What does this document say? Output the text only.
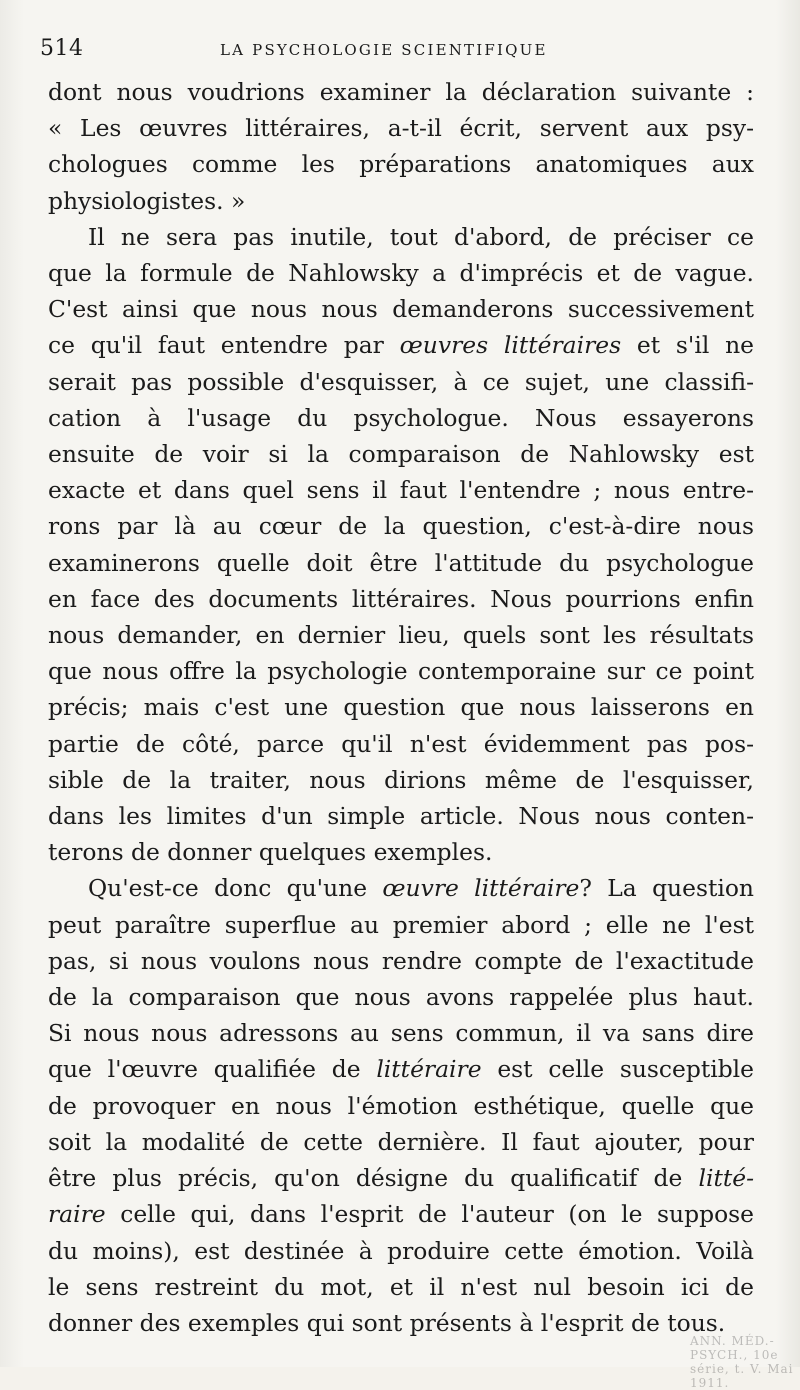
514	LA PSYCHOLOGIE SCIENTIFIQUE

dont nous voudrions examiner la déclaration suivante :
« Les œuvres littéraires, a-t-il écrit, servent aux psy-
chologues comme les préparations anatomiques aux
physiologistes. »

Il ne sera pas inutile, tout d'abord, de préciser ce
que la formule de Nahlowsky a d'imprécis et de vague.
C'est ainsi que nous nous demanderons successivement
ce qu'il faut entendre par œuvres littéraires et s'il ne
serait pas possible d'esquisser, à ce sujet, une classifi-
cation à l'usage du psychologue. Nous essayerons
ensuite de voir si la comparaison de Nahlowsky est
exacte et dans quel sens il faut l'entendre ; nous entre-
rons par là au cœur de la question, c'est-à-dire nous
examinerons quelle doit être l'attitude du psychologue
en face des documents littéraires. Nous pourrions enfin
nous demander, en dernier lieu, quels sont les résultats
que nous offre la psychologie contemporaine sur ce point
précis; mais c'est une question que nous laisserons en
partie de côté, parce qu'il n'est évidemment pas pos-
sible de la traiter, nous dirions même de l'esquisser,
dans les limites d'un simple article. Nous nous conten-
terons de donner quelques exemples.

Qu'est-ce donc qu'une œuvre littéraire? La question
peut paraître superflue au premier abord ; elle ne l'est
pas, si nous voulons nous rendre compte de l'exactitude
de la comparaison que nous avons rappelée plus haut.
Si nous nous adressons au sens commun, il va sans dire
que l'œuvre qualifiée de littéraire est celle susceptible
de provoquer en nous l'émotion esthétique, quelle que
soit la modalité de cette dernière. Il faut ajouter, pour
être plus précis, qu'on désigne du qualificatif de litté-
raire celle qui, dans l'esprit de l'auteur (on le suppose
du moins), est destinée à produire cette émotion. Voilà
le sens restreint du mot, et il n'est nul besoin ici de
donner des exemples qui sont présents à l'esprit de tous.

ANN. MÉD.-PSYCH., 10e série, t. V. Mai 1911.
